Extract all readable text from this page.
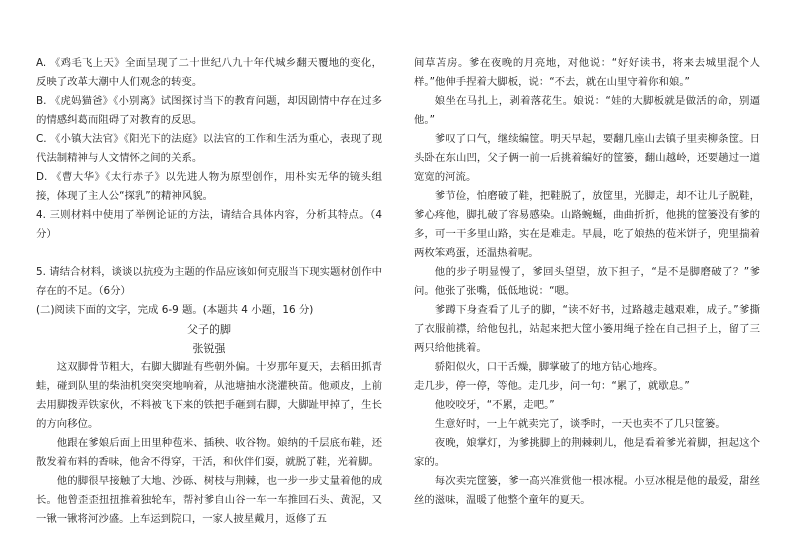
A. 《鸡毛飞上天》全面呈现了二十世纪八九十年代城乡翻天覆地的变化，反映了改革大潮中人们观念的转变。

B. 《虎妈猫爸》《小别离》试图探讨当下的教育问题，却因剧情中存在过多的情感纠葛而阻碍了对教育的反思。

C. 《小镇大法官》《阳光下的法庭》以法官的工作和生活为重心，表现了现代法制精神与人文情怀之间的关系。

D. 《曹大华》《太行赤子》以先进人物为原型创作，用朴实无华的镜头组接，体现了主人公“探乳”的精神风貌。

4. 三则材料中使用了举例论证的方法，请结合具体内容，分析其特点。（4分）

5. 请结合材料，谈谈以抗疫为主题的作品应该如何克服当下现实题材创作中存在的不足。（6分）

(二)阅读下面的文字，完成 6-9 题。(本题共 4 小题，16 分)

父子的脚

张锐强

这双脚骨节粗大，右脚大脚趾有些朝外偏。十岁那年夏天，去稻田抓青蛙，碰到队里的柴油机突突突地响着，从池塘抽水浇灌秧苗。他顽皮，上前去用脚拨弄铁家伙，不料被飞下来的铁把手砸到右脚，大脚趾甲掉了，生长的方向移位。

他跟在爹娘后面上田里种苞米、插秧、收谷物。娘纳的千层底布鞋，还散发着布料的香味，他舍不得穿，干活，和伙伴们耍，就脱了鞋，光着脚。

他的脚很早接触了大地、沙砾、树枝与荆棘，也一步一步丈量着他的成长。他曾歪歪扭扭推着独轮车，帮衬爹自山谷一车一车推回石头、黄泥，又一锹一锹将河沙盛。上车运到院口，一家人披星戴月，返修了五

间草苫房。爹在夜晚的月亮地，对他说：“好好读书，将来去城里混个人样。”他伸手捏着大脚板，说：“不去，就在山里守着你和娘。”

娘坐在马扎上，剥着落花生。娘说：“娃的大脚板就是做活的命，别逼他。”

爹叹了口气，继续编筐。明天早起，要翻几座山去镇子里卖柳条筐。日头卧在东山凹，父子俩一前一后挑着编好的筐篓，翻山越岭，还要趟过一道宽宽的河流。

爹节俭，怕磨破了鞋，把鞋脱了，放筐里，光脚走，却不让儿子脱鞋，爹心疼他，脚扎破了容易感染。山路蜿蜒，曲曲折折，他挑的筐篓没有爹的多，可一干多里山路，实在是难走。早晨，吃了娘热的苞米饼子，兜里揣着两枚笨鸡蛋，还温热着呢。

他的步子明显慢了，爹回头望望，放下担子，“是不是脚磨破了？”爹问。他张了张嘴，低低地说：“嗯。

爹蹲下身查看了儿子的脚，“读不好书，过路越走越艰难，成子。”爹撕了衣服前襟，给他包扎，站起来把大筐小篓用绳子拴在自己担子上，留了三两只给他挑着。

骄阳似火，口干舌燥，脚掌破了的地方钻心地疼。

走几步，停一停，等他。走几步，问一句：“累了，就歇息。”

他咬咬牙，“不累，走吧。”

生意好时，一上午就卖完了，谈季时，一天也卖不了几只筐篓。

夜晚，娘掌灯，为爹挑脚上的荆棘刺儿，他是看着爹光着脚，担起这个家的。

每次卖完筐篓，爹一高兴准赏他一根冰棍。小豆冰棍是他的最爱，甜丝丝的滋味，温暖了他整个童年的夏天。
